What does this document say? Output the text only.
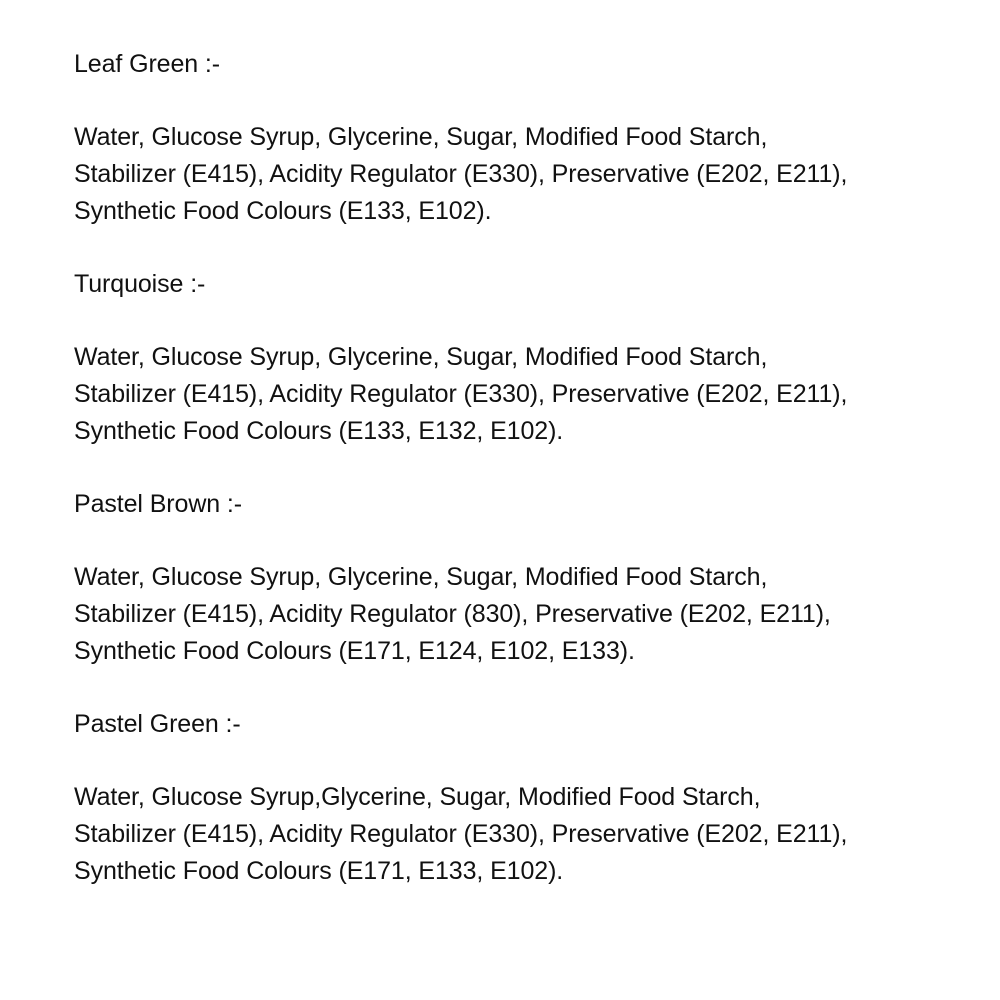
Leaf Green :-

Water, Glucose Syrup, Glycerine, Sugar, Modified Food Starch,
Stabilizer (E415), Acidity Regulator (E330), Preservative (E202, E211),
Synthetic Food Colours (E133, E102).

Turquoise :-

Water, Glucose Syrup, Glycerine, Sugar, Modified Food Starch,
Stabilizer (E415), Acidity Regulator (E330), Preservative (E202, E211),
Synthetic Food Colours (E133, E132, E102).

Pastel Brown :-

Water, Glucose Syrup, Glycerine, Sugar, Modified Food Starch,
Stabilizer (E415), Acidity Regulator (830), Preservative (E202, E211),
Synthetic Food Colours (E171, E124, E102, E133).

Pastel Green :-

Water, Glucose Syrup,Glycerine, Sugar, Modified Food Starch,
Stabilizer (E415), Acidity Regulator (E330), Preservative (E202, E211),
Synthetic Food Colours (E171, E133, E102).
